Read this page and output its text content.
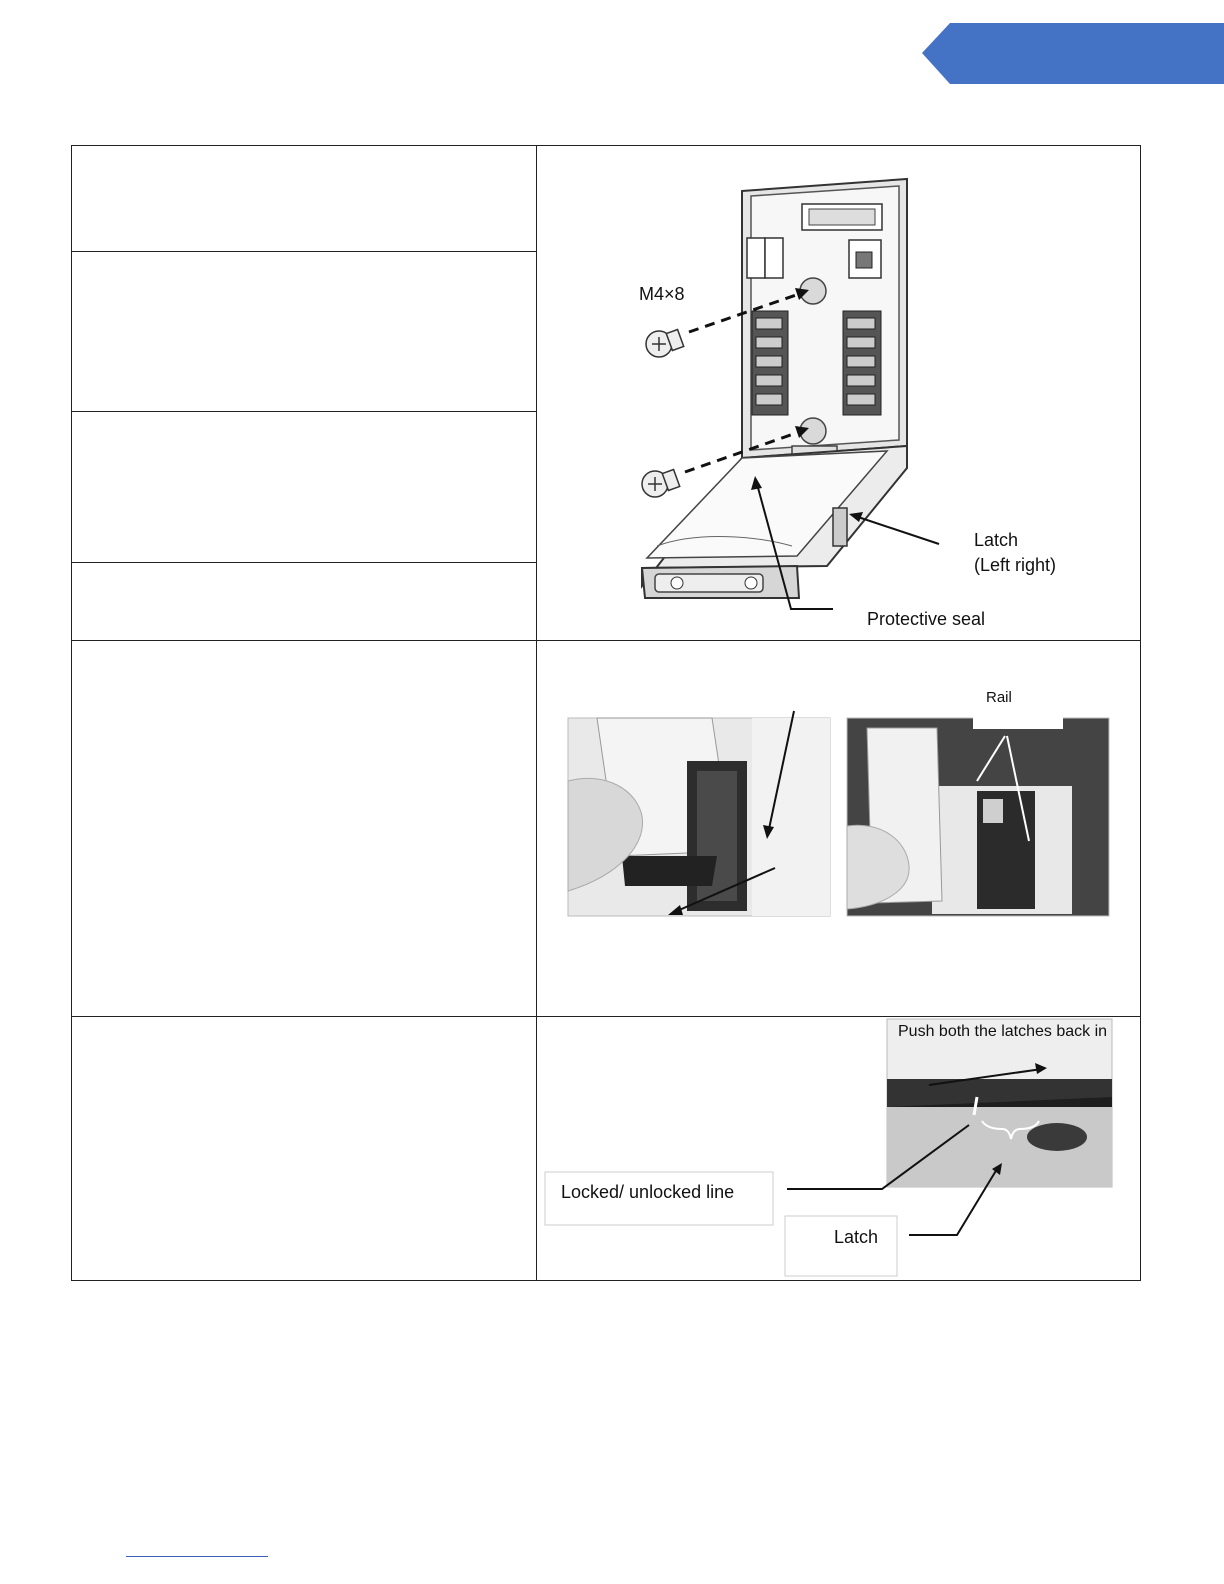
	M4×8
Latch
(Left right)
Protective seal

	Rail

	Push both the latches back in
Locked/ unlocked line
Latch
